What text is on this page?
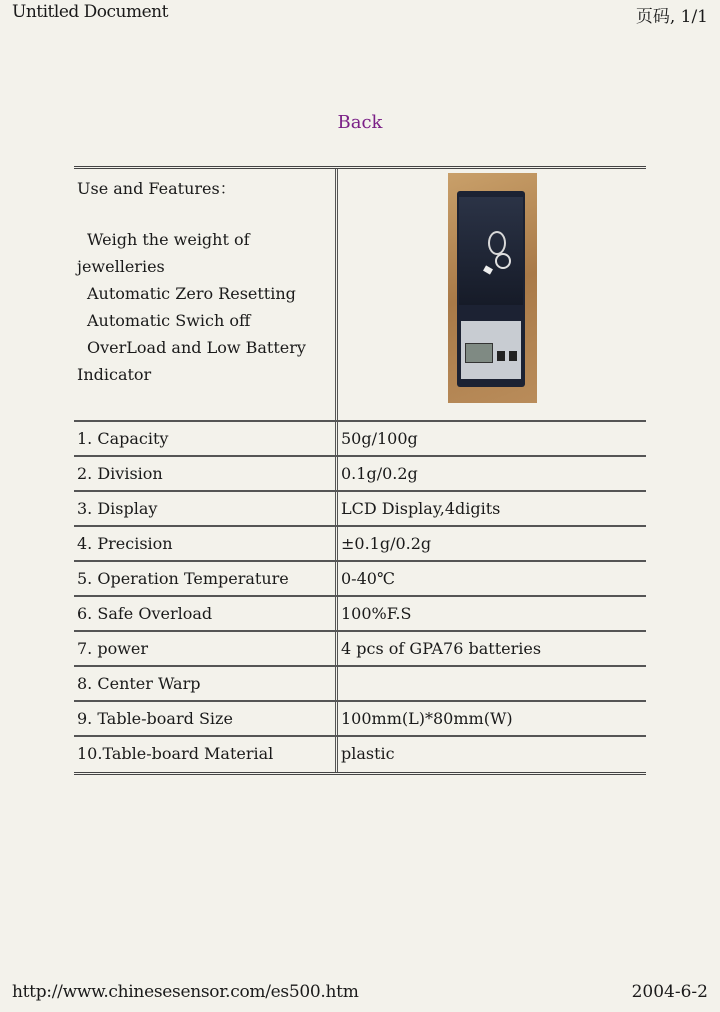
Untitled Document	页码, 1/1
Back
Use and Features：
Weigh the weight of
jewelleries
Automatic Zero Resetting
Automatic Swich off
OverLoad and Low Battery
Indicator
1. Capacity	50g/100g
2. Division	0.1g/0.2g
3. Display	LCD Display,4digits
4. Precision	±0.1g/0.2g
5. Operation Temperature	0-40℃
6. Safe Overload	100%F.S
7. power	4 pcs of GPA76 batteries
8. Center Warp
9. Table-board Size	100mm(L)*80mm(W)
10.Table-board Material	plastic
http://www.chinesesensor.com/es500.htm	2004-6-2
